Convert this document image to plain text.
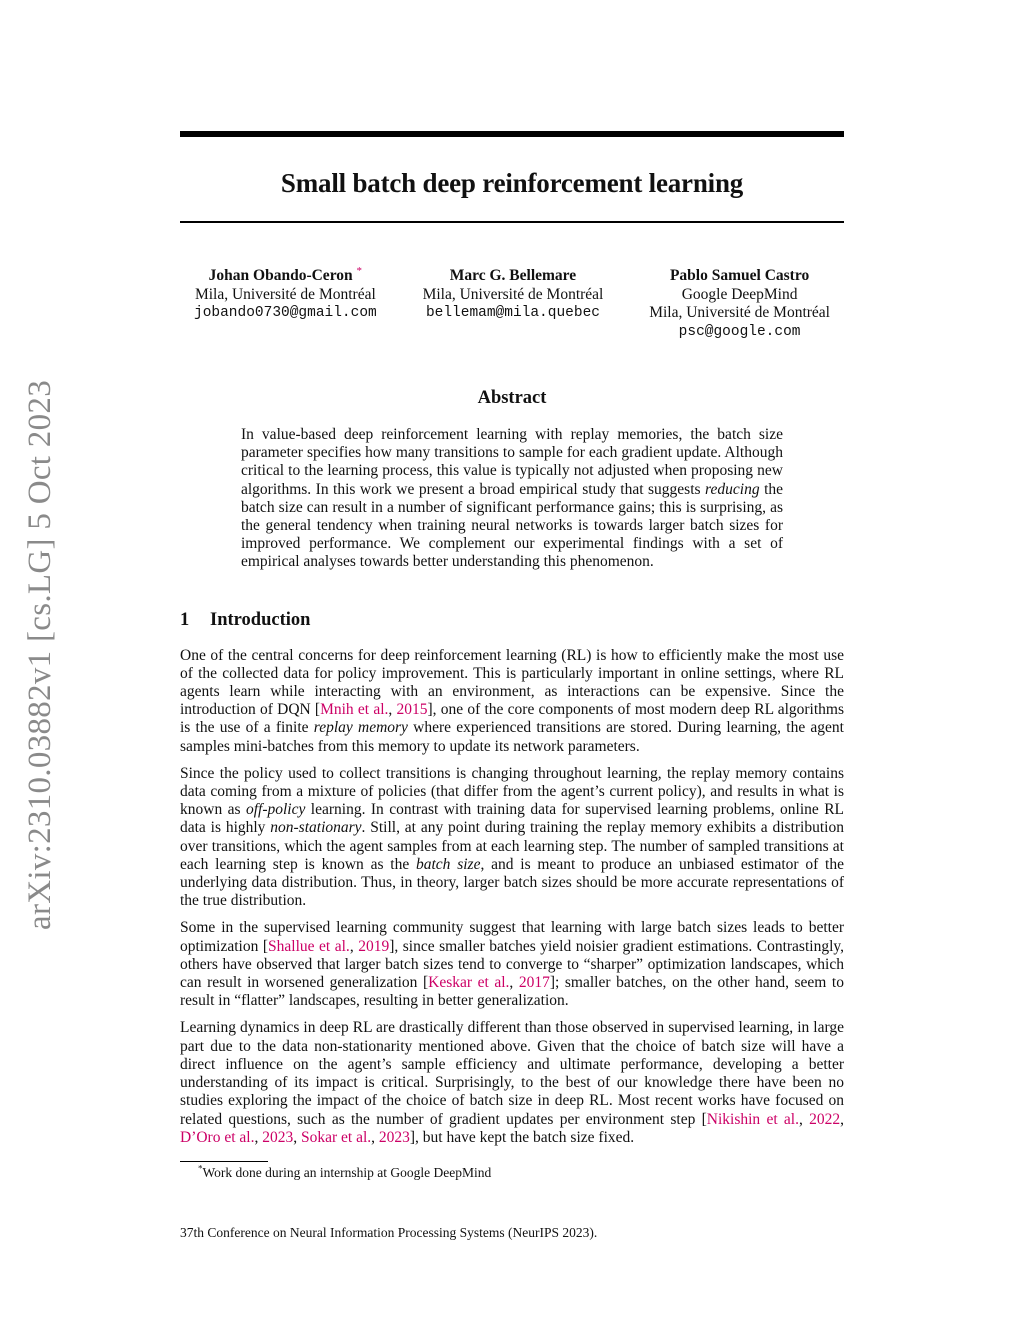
arXiv:2310.03882v1 [cs.LG] 5 Oct 2023
Small batch deep reinforcement learning
Johan Obando-Ceron *
Mila, Université de Montréal
jobando0730@gmail.com
Marc G. Bellemare
Mila, Université de Montréal
bellemam@mila.quebec
Pablo Samuel Castro
Google DeepMind
Mila, Université de Montréal
psc@google.com
Abstract

In value-based deep reinforcement learning with replay memories, the batch size parameter specifies how many transitions to sample for each gradient update. Although critical to the learning process, this value is typically not adjusted when proposing new algorithms. In this work we present a broad empirical study that suggests reducing the batch size can result in a number of significant performance gains; this is surprising, as the general tendency when training neural networks is towards larger batch sizes for improved performance. We complement our experimental findings with a set of empirical analyses towards better understanding this phenomenon.

1 Introduction

One of the central concerns for deep reinforcement learning (RL) is how to efficiently make the most use of the collected data for policy improvement. This is particularly important in online settings, where RL agents learn while interacting with an environment, as interactions can be expensive. Since the introduction of DQN [Mnih et al., 2015], one of the core components of most modern deep RL algorithms is the use of a finite replay memory where experienced transitions are stored. During learning, the agent samples mini-batches from this memory to update its network parameters.

Since the policy used to collect transitions is changing throughout learning, the replay memory contains data coming from a mixture of policies (that differ from the agent’s current policy), and results in what is known as off-policy learning. In contrast with training data for supervised learning problems, online RL data is highly non-stationary. Still, at any point during training the replay memory exhibits a distribution over transitions, which the agent samples from at each learning step. The number of sampled transitions at each learning step is known as the batch size, and is meant to produce an unbiased estimator of the underlying data distribution. Thus, in theory, larger batch sizes should be more accurate representations of the true distribution.

Some in the supervised learning community suggest that learning with large batch sizes leads to better optimization [Shallue et al., 2019], since smaller batches yield noisier gradient estimations. Contrastingly, others have observed that larger batch sizes tend to converge to “sharper” optimization landscapes, which can result in worsened generalization [Keskar et al., 2017]; smaller batches, on the other hand, seem to result in “flatter” landscapes, resulting in better generalization.

Learning dynamics in deep RL are drastically different than those observed in supervised learning, in large part due to the data non-stationarity mentioned above. Given that the choice of batch size will have a direct influence on the agent’s sample efficiency and ultimate performance, developing a better understanding of its impact is critical. Surprisingly, to the best of our knowledge there have been no studies exploring the impact of the choice of batch size in deep RL. Most recent works have focused on related questions, such as the number of gradient updates per environment step [Nikishin et al., 2022, D’Oro et al., 2023, Sokar et al., 2023], but have kept the batch size fixed.

*Work done during an internship at Google DeepMind
37th Conference on Neural Information Processing Systems (NeurIPS 2023).
